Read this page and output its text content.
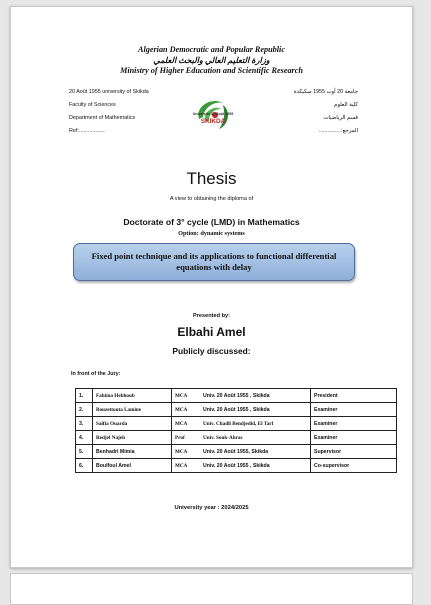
Algerian Democratic and Popular Republic
وزارة التعليم العالي والبحث العلمي
Ministry of Higher Education and Scientific Research
20 Août 1955 university of Skikda
Faculty of Sciences
Department of Mathematics
Ref:..................
جامعة 20 أوت 1955 سكيكدة
كلية العلوم
قسم الرياضيات
المرجع:...............
Université 20 Août 1955
SKIKDA
Thesis
A view to obtaining the diploma of
Doctorate of 3° cycle (LMD) in Mathematics
Option: dynamic systems
Fixed point technique and its applications to functional differential equations with delay
Presented by:
Elbahi Amel
Publicly discussed:
In front of the Jury:
1.	Fahima Hebhoub	MCA	Univ. 20 Août 1955 , Skikda	President
2.	Bouzettouta Lamine	MCA	Univ. 20 Août 1955 , Skikda	Examiner
3.	Saifia Ouarda	MCA	Univ. Chadli Bendjedid, El Tarf	Examiner
4.	Redjel Najeh	Prof	Univ. Souk-Ahras	Examiner
5.	Benhadri Mimia	MCA	Univ. 20 Août 1955, Skikda	Supervisor
6.	Boulfoul Amel	MCA	Univ. 20 Août 1955 , Skikda	Co-supervisor
University year : 2024/2025
